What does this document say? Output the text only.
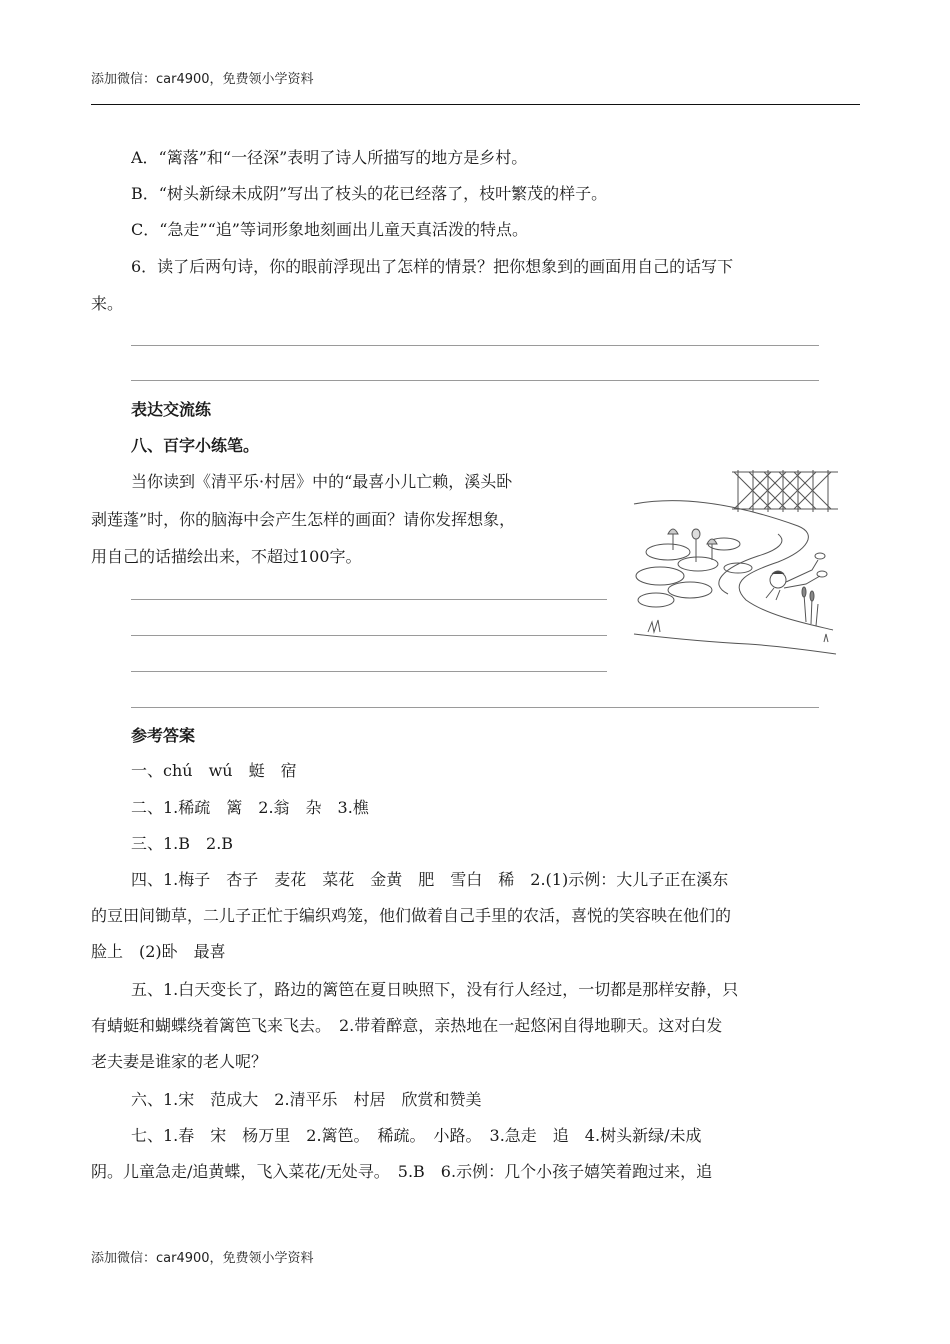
添加微信：car4900，免费领小学资料
A．“篱落”和“一径深”表明了诗人所描写的地方是乡村。
B．“树头新绿未成阴”写出了枝头的花已经落了，枝叶繁茂的样子。
C．“急走”“追”等词形象地刻画出儿童天真活泼的特点。
6．读了后两句诗，你的眼前浮现出了怎样的情景？把你想象到的画面用自己的话写下
来。
表达交流练
八、百字小练笔。
当你读到《清平乐·村居》中的“最喜小儿亡赖，溪头卧
剥莲蓬”时，你的脑海中会产生怎样的画面？请你发挥想象，
用自己的话描绘出来，不超过100字。
参考答案
一、chú　wú　蜓　宿
二、1.稀疏　篱　2.翁　杂　3.樵
三、1.B　2.B
四、1.梅子　杏子　麦花　菜花　金黄　肥　雪白　稀　2.(1)示例：大儿子正在溪东
的豆田间锄草，二儿子正忙于编织鸡笼，他们做着自己手里的农活，喜悦的笑容映在他们的
脸上　(2)卧　最喜
五、1.白天变长了，路边的篱笆在夏日映照下，没有行人经过，一切都是那样安静，只
有蜻蜓和蝴蝶绕着篱笆飞来飞去。　2.带着醉意，亲热地在一起悠闲自得地聊天。这对白发
老夫妻是谁家的老人呢？
六、1.宋　范成大　2.清平乐　村居　欣赏和赞美
七、1.春　宋　杨万里　2.篱笆。　稀疏。　小路。　3.急走　追　4.树头新绿/未成
阴。儿童急走/追黄蝶，飞入菜花/无处寻。　5.B　6.示例：几个小孩子嬉笑着跑过来，追
添加微信：car4900，免费领小学资料
